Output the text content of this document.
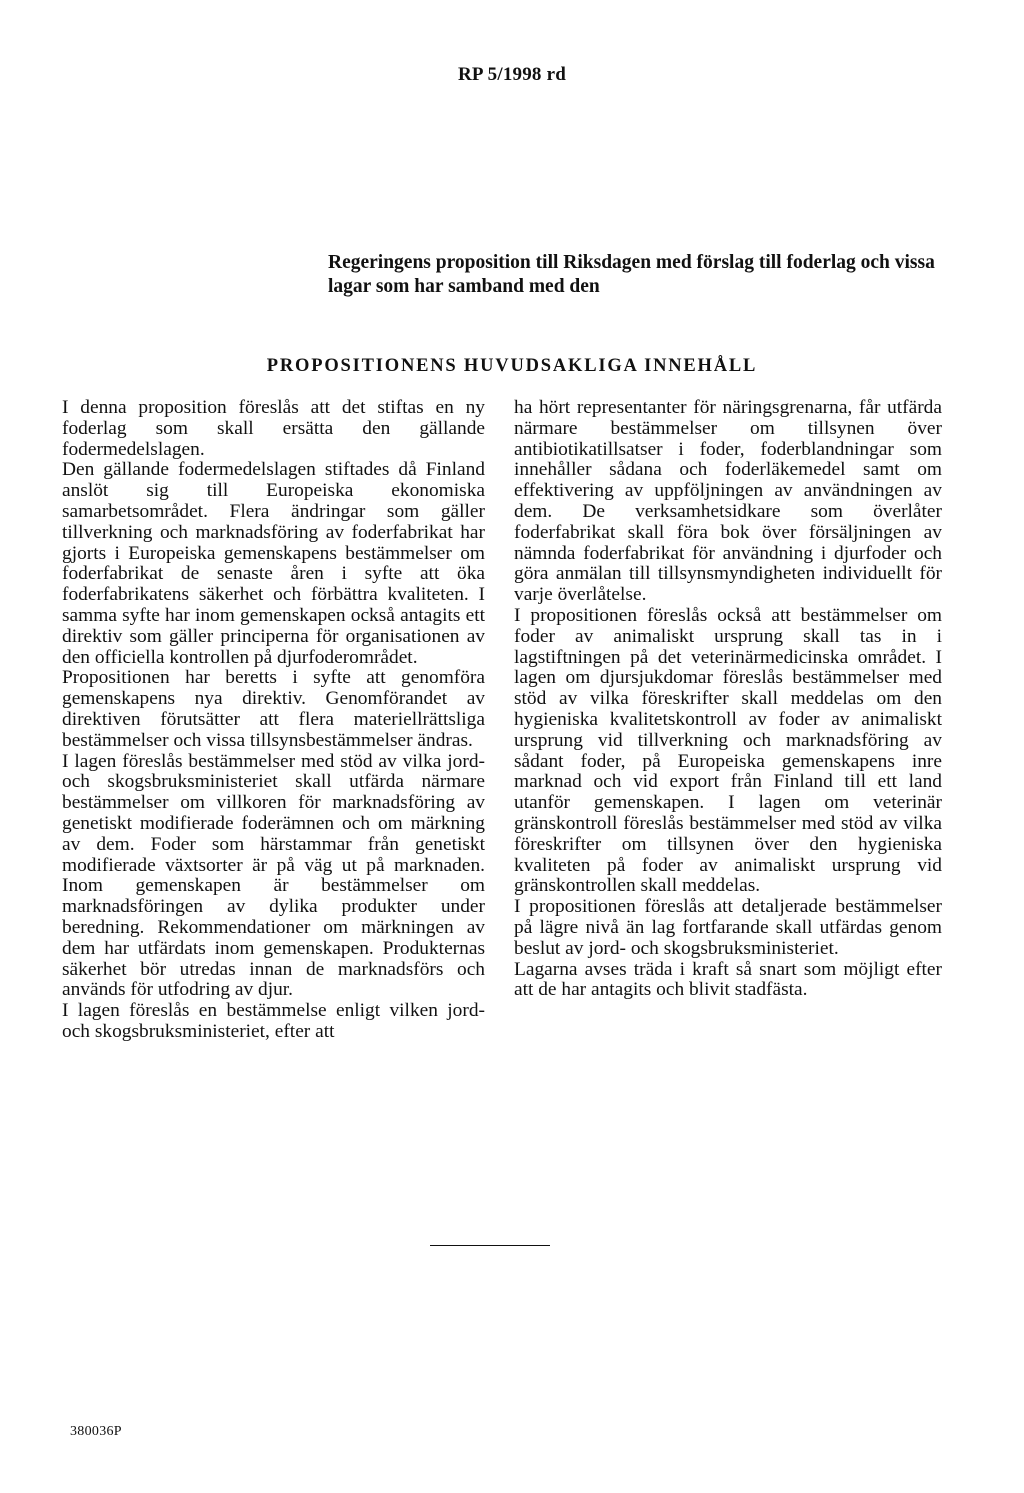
RP 5/1998 rd
Regeringens proposition till Riksdagen med förslag till foderlag och vissa lagar som har samband med den
PROPOSITIONENS HUVUDSAKLIGA INNEHÅLL

I denna proposition föreslås att det stiftas en ny foderlag som skall ersätta den gällande fodermedelslagen.

Den gällande fodermedelslagen stiftades då Finland anslöt sig till Europeiska ekonomiska samarbetsområdet. Flera ändringar som gäller tillverkning och marknadsföring av foderfabrikat har gjorts i Europeiska gemenskapens bestämmelser om foderfabrikat de senaste åren i syfte att öka foderfabrikatens säkerhet och förbättra kvaliteten. I samma syfte har inom gemenskapen också antagits ett direktiv som gäller principerna för organisationen av den officiella kontrollen på djurfoderområdet.

Propositionen har beretts i syfte att genomföra gemenskapens nya direktiv. Genomförandet av direktiven förutsätter att flera materiellrättsliga bestämmelser och vissa tillsynsbestämmelser ändras.

I lagen föreslås bestämmelser med stöd av vilka jord- och skogsbruksministeriet skall utfärda närmare bestämmelser om villkoren för marknadsföring av genetiskt modifierade foderämnen och om märkning av dem. Foder som härstammar från genetiskt modifierade växtsorter är på väg ut på marknaden. Inom gemenskapen är bestämmelser om marknadsföringen av dylika produkter under beredning. Rekommendationer om märkningen av dem har utfärdats inom gemenskapen. Produkternas säkerhet bör utredas innan de marknadsförs och används för utfodring av djur.

I lagen föreslås en bestämmelse enligt vilken jord- och skogsbruksministeriet, efter att

ha hört representanter för näringsgrenarna, får utfärda närmare bestämmelser om tillsynen över antibiotikatillsatser i foder, foderblandningar som innehåller sådana och foderläkemedel samt om effektivering av uppföljningen av användningen av dem. De verksamhetsidkare som överlåter foderfabrikat skall föra bok över försäljningen av nämnda foderfabrikat för användning i djurfoder och göra anmälan till tillsynsmyndigheten individuellt för varje överlåtelse.

I propositionen föreslås också att bestämmelser om foder av animaliskt ursprung skall tas in i lagstiftningen på det veterinärmedicinska området. I lagen om djursjukdomar föreslås bestämmelser med stöd av vilka föreskrifter skall meddelas om den hygieniska kvalitetskontroll av foder av animaliskt ursprung vid tillverkning och marknadsföring av sådant foder, på Europeiska gemenskapens inre marknad och vid export från Finland till ett land utanför gemenskapen. I lagen om veterinär gränskontroll föreslås bestämmelser med stöd av vilka föreskrifter om tillsynen över den hygieniska kvaliteten på foder av animaliskt ursprung vid gränskontrollen skall meddelas.

I propositionen föreslås att detaljerade bestämmelser på lägre nivå än lag fortfarande skall utfärdas genom beslut av jord- och skogsbruksministeriet.

Lagarna avses träda i kraft så snart som möjligt efter att de har antagits och blivit stadfästa.

380036P
